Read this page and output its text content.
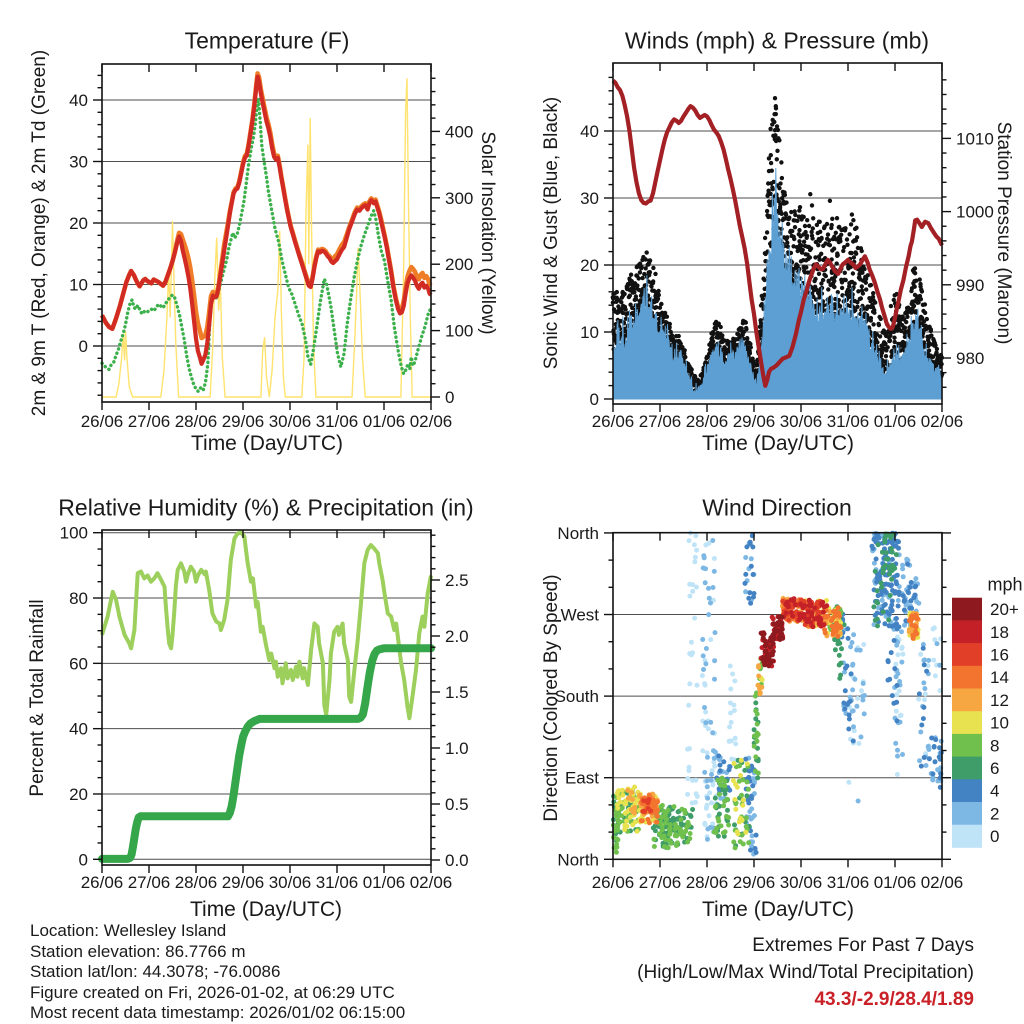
26/06 27/06 28/06 29/06 30/06 31/06 01/06 02/06
0
10
20
30
40
0
100
200
300
400
26/06 27/06 28/06 29/06 30/06 31/06 01/06 02/06
0
10
20
30
40
980
990
1000
1010
26/06 27/06 28/06 29/06 30/06 31/06 01/06 02/06
0
20
40
60
80
100
0.0
0.5
1.0
1.5
2.0
2.5
26/06 27/06 28/06 29/06 30/06 31/06 01/06 02/06
North
West
South
East
North
20+
18
16
14
12
10
8
6
4
2
0
Temperature (F)	Winds (mph) & Pressure (mb)
Relative Humidity (%) & Precipitation (in)	Wind Direction
Time (Day/UTC)	Time (Day/UTC)
Time (Day/UTC)	Time (Day/UTC)
2m & 9m T (Red, Orange) & 2m Td (Green)	Solar Insolation (Yellow) Sonic Wind & Gust (Blue, Black)	Station Pressure (Maroon)
Percent & Total Rainfall	Direction (Colored By Speed)	mph
Location: Wellesley Island
Station elevation: 86.7766 m
Station lat/lon: 44.3078; -76.0086
Figure created on Fri, 2026-01-02, at 06:29 UTC
Most recent data timestamp: 2026/01/02 06:15:00
Extremes For Past 7 Days
(High/Low/Max Wind/Total Precipitation)
43.3/-2.9/28.4/1.89
